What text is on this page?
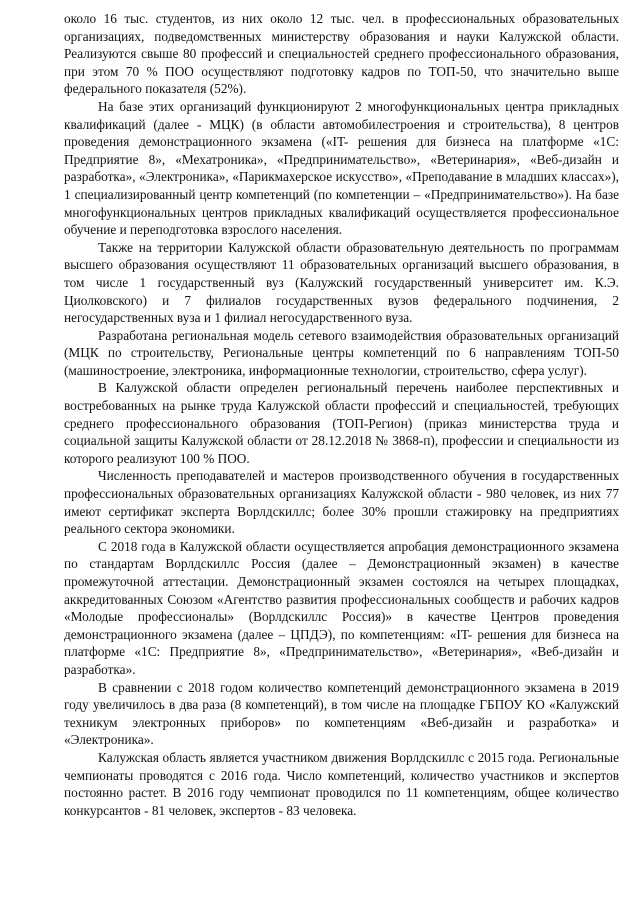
около 16 тыс. студентов, из них около 12 тыс. чел. в профессиональных образовательных организациях, подведомственных министерству образования и науки Калужской области. Реализуются свыше 80 профессий и специальностей среднего профессионального образования, при этом 70 % ПОО осуществляют подготовку кадров по ТОП-50, что значительно выше федерального показателя (52%).

На базе этих организаций функционируют 2 многофункциональных центра прикладных квалификаций (далее - МЦК) (в области автомобилестроения и строительства), 8 центров проведения демонстрационного экзамена («IT- решения для бизнеса на платформе «1С: Предприятие 8», «Мехатроника», «Предпринимательство», «Ветеринария», «Веб-дизайн и разработка», «Электроника», «Парикмахерское искусство», «Преподавание в младших классах»), 1 специализированный центр компетенций (по компетенции – «Предпринимательство»). На базе многофункциональных центров прикладных квалификаций осуществляется профессиональное обучение и переподготовка взрослого населения.

Также на территории Калужской области образовательную деятельность по программам высшего образования осуществляют 11 образовательных организаций высшего образования, в том числе 1 государственный вуз (Калужский государственный университет им. К.Э. Циолковского) и 7 филиалов государственных вузов федерального подчинения, 2 негосударственных вуза и 1 филиал негосударственного вуза.

Разработана региональная модель сетевого взаимодействия образовательных организаций (МЦК по строительству, Региональные центры компетенций по 6 направлениям ТОП-50 (машиностроение, электроника, информационные технологии, строительство, сфера услуг).

В Калужской области определен региональный перечень наиболее перспективных и востребованных на рынке труда Калужской области профессий и специальностей, требующих среднего профессионального образования (ТОП-Регион) (приказ министерства труда и социальной защиты Калужской области от 28.12.2018 № 3868-п), профессии и специальности из которого реализуют 100 % ПОО.

Численность преподавателей и мастеров производственного обучения в государственных профессиональных образовательных организациях Калужской области - 980 человек, из них 77 имеют сертификат эксперта Ворлдскиллс; более 30% прошли стажировку на предприятиях реального сектора экономики.

С 2018 года в Калужской области осуществляется апробация демонстрационного экзамена по стандартам Ворлдскиллс Россия (далее – Демонстрационный экзамен) в качестве промежуточной аттестации. Демонстрационный экзамен состоялся на четырех площадках, аккредитованных Союзом «Агентство развития профессиональных сообществ и рабочих кадров «Молодые профессионалы» (Ворлдскиллс Россия)» в качестве Центров проведения демонстрационного экзамена (далее – ЦПДЭ), по компетенциям: «IT- решения для бизнеса на платформе «1С: Предприятие 8», «Предпринимательство», «Ветеринария», «Веб-дизайн и разработка».

В сравнении с 2018 годом количество компетенций демонстрационного экзамена в 2019 году увеличилось в два раза (8 компетенций), в том числе на площадке ГБПОУ КО «Калужский техникум электронных приборов» по компетенциям «Веб-дизайн и разработка» и «Электроника».

Калужская область является участником движения Ворлдскиллс с 2015 года. Региональные чемпионаты проводятся с 2016 года. Число компетенций, количество участников и экспертов постоянно растет. В 2016 году чемпионат проводился по 11 компетенциям, общее количество конкурсантов - 81 человек, экспертов - 83 человека.
